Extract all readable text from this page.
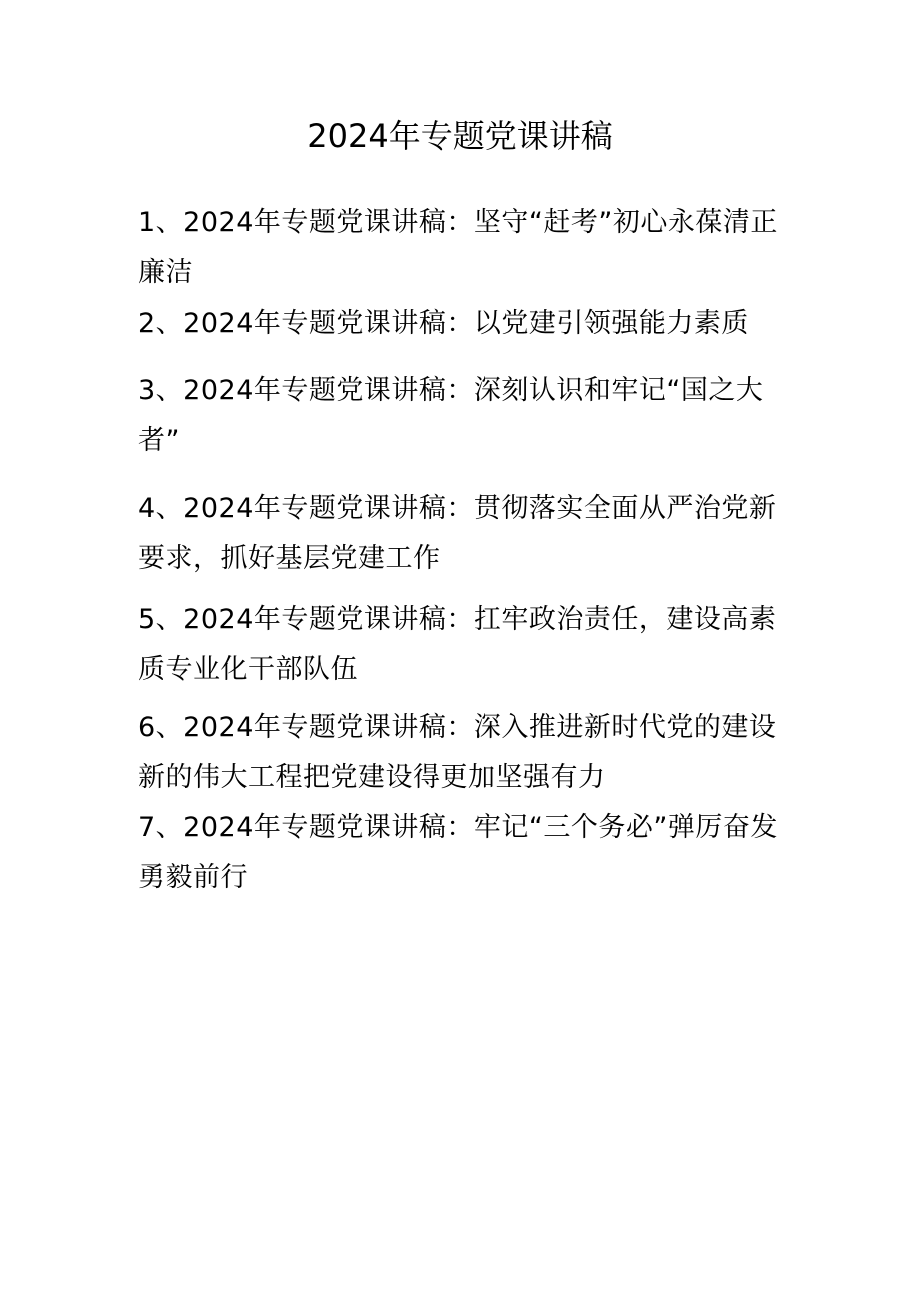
2024年专题党课讲稿
1、2024年专题党课讲稿：坚守“赶考”初心永葆清正廉洁
2、2024年专题党课讲稿：以党建引领强能力素质
3、2024年专题党课讲稿：深刻认识和牢记“国之大者”
4、2024年专题党课讲稿：贯彻落实全面从严治党新要求，抓好基层党建工作
5、2024年专题党课讲稿：扛牢政治责任，建设高素质专业化干部队伍
6、2024年专题党课讲稿：深入推进新时代党的建设新的伟大工程把党建设得更加坚强有力
7、2024年专题党课讲稿：牢记“三个务必”弹厉奋发勇毅前行
